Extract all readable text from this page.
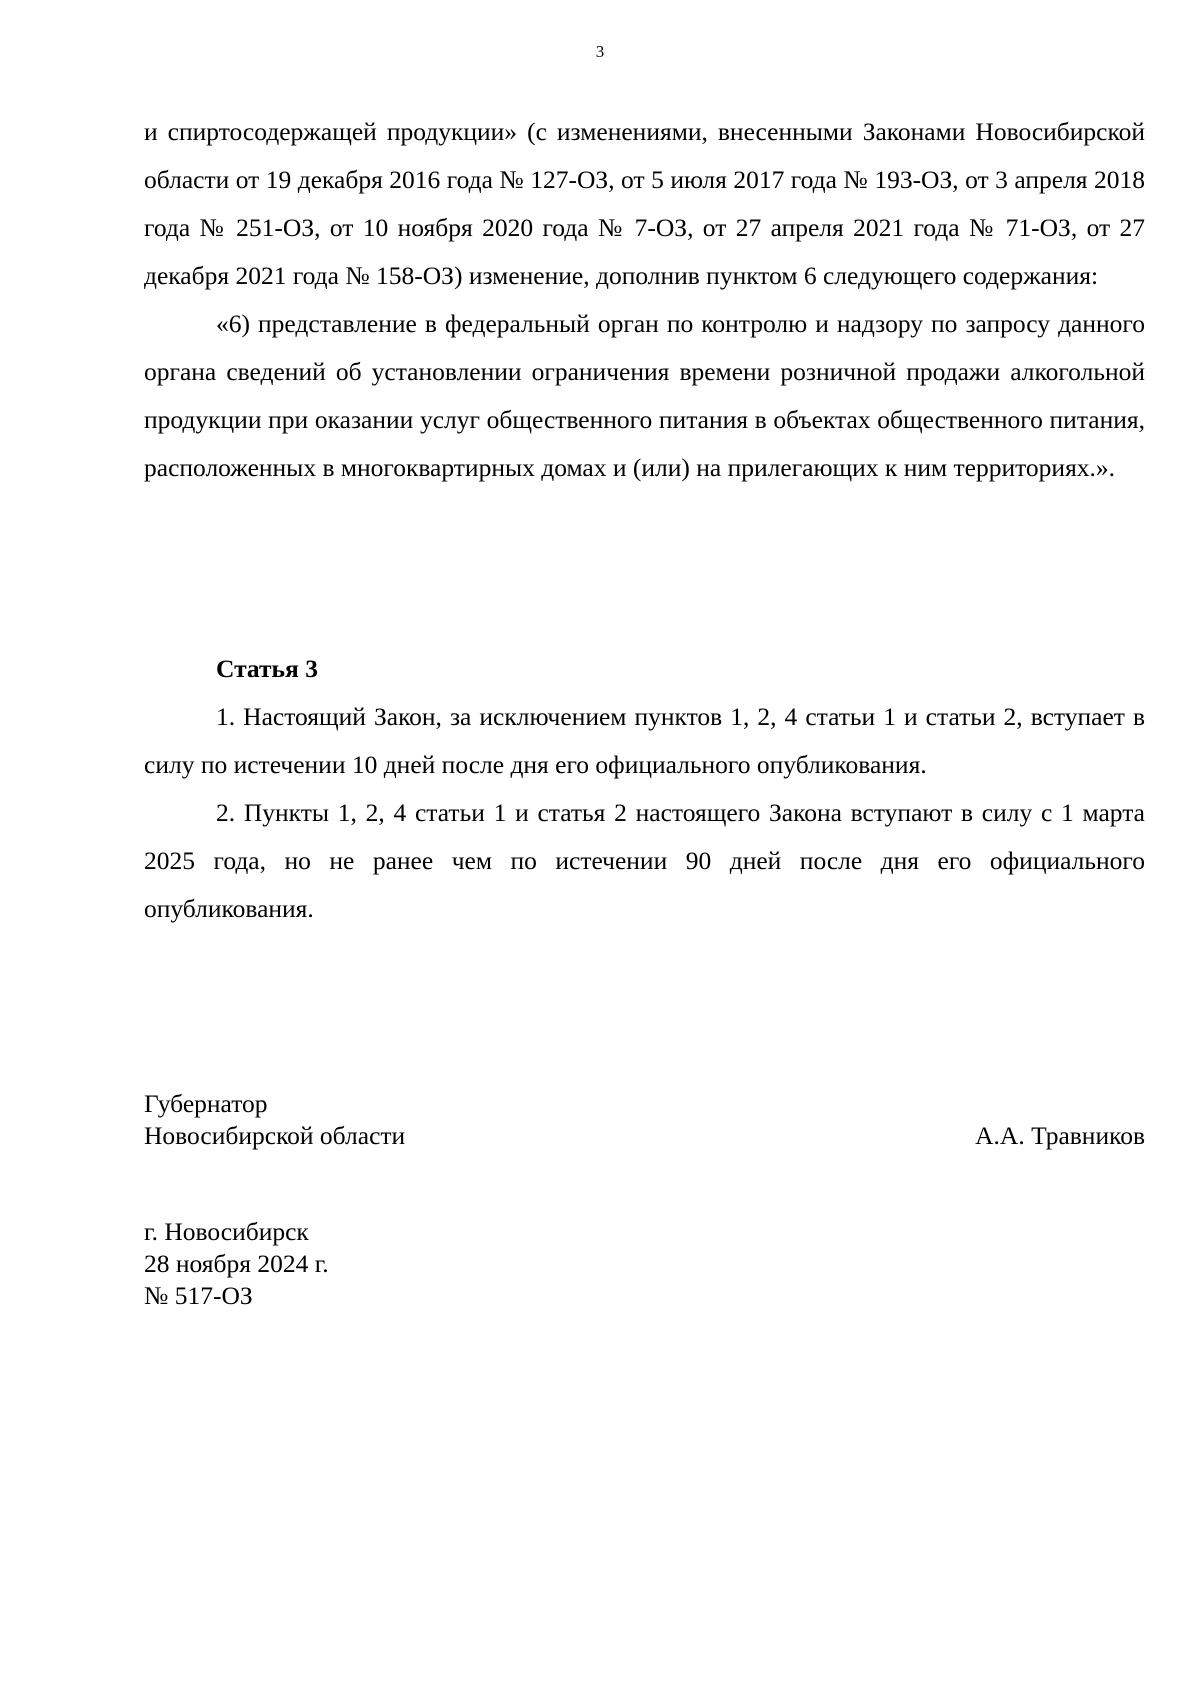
3

и спиртосодержащей продукции» (с изменениями, внесенными Законами Новосибирской области от 19 декабря 2016 года № 127-ОЗ, от 5 июля 2017 года № 193-ОЗ, от 3 апреля 2018 года № 251-ОЗ, от 10 ноября 2020 года № 7-ОЗ, от 27 апреля 2021 года № 71-ОЗ, от 27 декабря 2021 года № 158-ОЗ) изменение, дополнив пунктом 6 следующего содержания:

«6) представление в федеральный орган по контролю и надзору по запросу данного органа сведений об установлении ограничения времени розничной продажи алкогольной продукции при оказании услуг общественного питания в объектах общественного питания, расположенных в многоквартирных домах и (или) на прилегающих к ним территориях.».

Статья 3

1. Настоящий Закон, за исключением пунктов 1, 2, 4 статьи 1 и статьи 2, вступает в силу по истечении 10 дней после дня его официального опубликования.

2. Пункты 1, 2, 4 статьи 1 и статья 2 настоящего Закона вступают в силу с 1 марта 2025 года, но не ранее чем по истечении 90 дней после дня его официального опубликования.

Губернатор
Новосибирской области	А.А. Травников
г. Новосибирск
28 ноября 2024 г.
№ 517-ОЗ
